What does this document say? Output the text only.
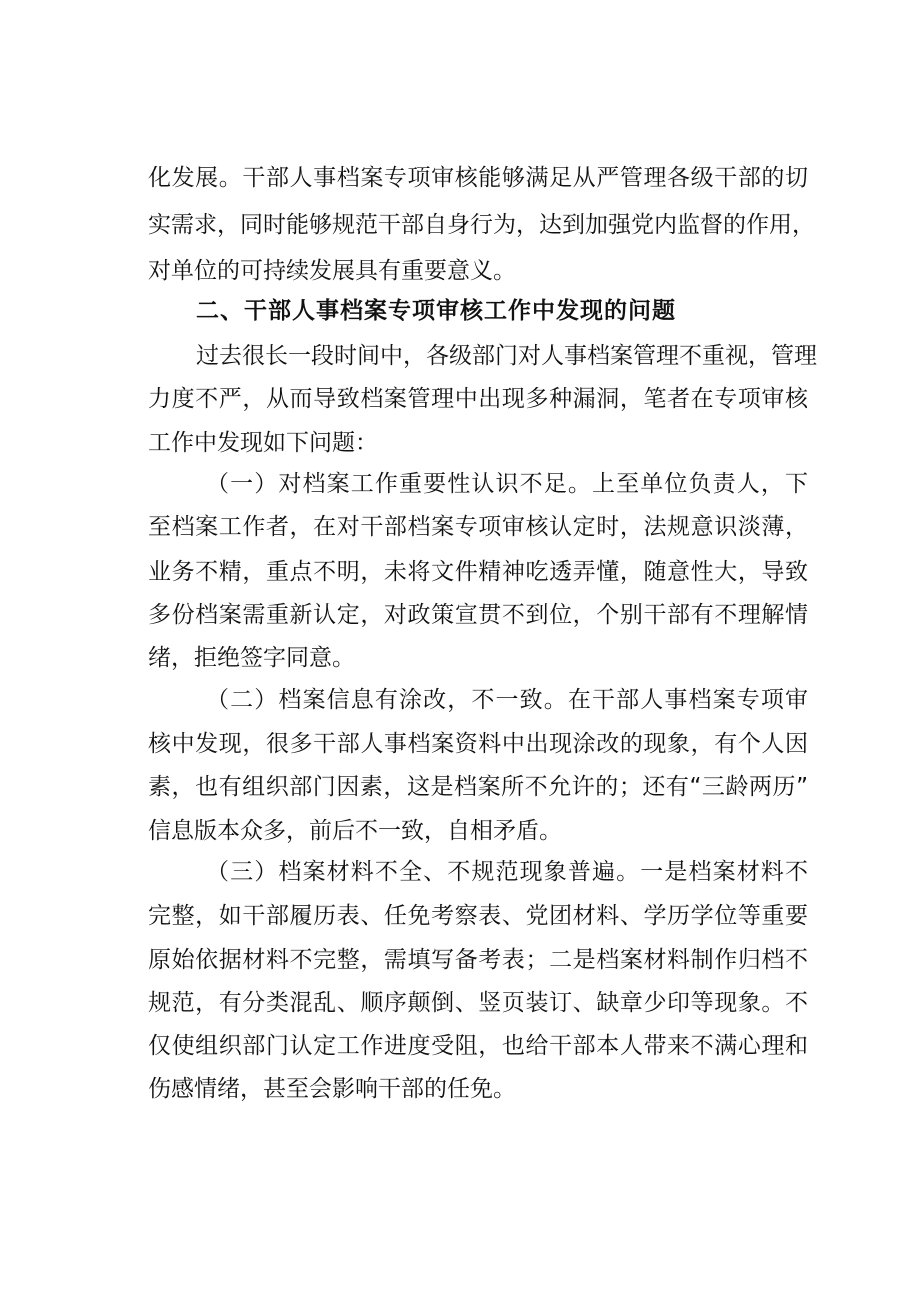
化发展。干部人事档案专项审核能够满足从严管理各级干部的切
实需求，同时能够规范干部自身行为，达到加强党内监督的作用，
对单位的可持续发展具有重要意义。
二、干部人事档案专项审核工作中发现的问题
过去很长一段时间中，各级部门对人事档案管理不重视，管理
力度不严，从而导致档案管理中出现多种漏洞，笔者在专项审核
工作中发现如下问题：
（一）对档案工作重要性认识不足。上至单位负责人，下
至档案工作者，在对干部档案专项审核认定时，法规意识淡薄，
业务不精，重点不明，未将文件精神吃透弄懂，随意性大，导致
多份档案需重新认定，对政策宣贯不到位，个别干部有不理解情
绪，拒绝签字同意。
（二）档案信息有涂改，不一致。在干部人事档案专项审
核中发现，很多干部人事档案资料中出现涂改的现象，有个人因
素，也有组织部门因素，这是档案所不允许的；还有“三龄两历”
信息版本众多，前后不一致，自相矛盾。
（三）档案材料不全、不规范现象普遍。一是档案材料不
完整，如干部履历表、任免考察表、党团材料、学历学位等重要
原始依据材料不完整，需填写备考表；二是档案材料制作归档不
规范，有分类混乱、顺序颠倒、竖页装订、缺章少印等现象。不
仅使组织部门认定工作进度受阻，也给干部本人带来不满心理和
伤感情绪，甚至会影响干部的任免。
